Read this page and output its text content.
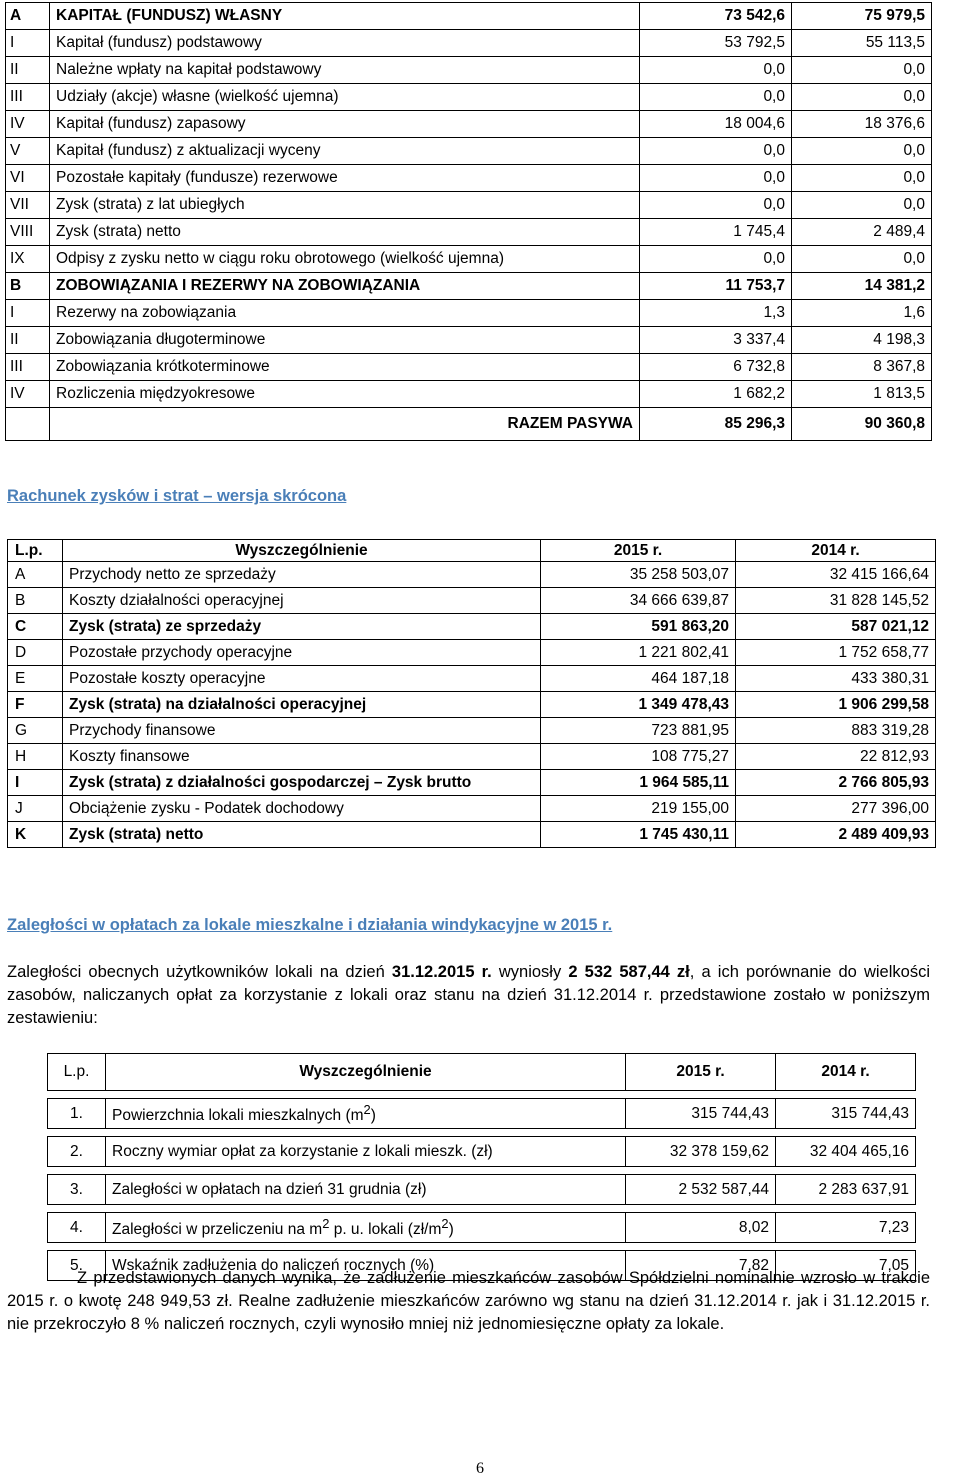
A	KAPITAŁ (FUNDUSZ) WŁASNY	73 542,6	75 979,5
I	Kapitał (fundusz) podstawowy	53 792,5	55 113,5
II	Należne wpłaty na kapitał podstawowy	0,0	0,0
III	Udziały (akcje) własne (wielkość ujemna)	0,0	0,0
IV	Kapitał (fundusz) zapasowy	18 004,6	18 376,6
V	Kapitał (fundusz) z aktualizacji wyceny	0,0	0,0
VI	Pozostałe kapitały (fundusze) rezerwowe	0,0	0,0
VII	Zysk (strata) z lat ubiegłych	0,0	0,0
VIII	Zysk (strata) netto	1 745,4	2 489,4
IX	Odpisy z zysku netto w ciągu roku obrotowego (wielkość ujemna)	0,0	0,0
B	ZOBOWIĄZANIA I REZERWY NA ZOBOWIĄZANIA	11 753,7	14 381,2
I	Rezerwy na zobowiązania	1,3	1,6
II	Zobowiązania długoterminowe	3 337,4	4 198,3
III	Zobowiązania krótkoterminowe	6 732,8	8 367,8
IV	Rozliczenia międzyokresowe	1 682,2	1 813,5
	RAZEM PASYWA	85 296,3	90 360,8

Rachunek zysków i strat – wersja skrócona

L.p.	Wyszczególnienie	2015 r.	2014 r.
A	Przychody netto ze sprzedaży	35 258 503,07	32 415 166,64
B	Koszty działalności operacyjnej	34 666 639,87	31 828 145,52
C	Zysk (strata) ze sprzedaży	591 863,20	587 021,12
D	Pozostałe przychody operacyjne	1 221 802,41	1 752 658,77
E	Pozostałe koszty operacyjne	464 187,18	433 380,31
F	Zysk (strata) na działalności operacyjnej	1 349 478,43	1 906 299,58
G	Przychody finansowe	723 881,95	883 319,28
H	Koszty finansowe	108 775,27	22 812,93
I	Zysk (strata) z działalności gospodarczej – Zysk brutto	1 964 585,11	2 766 805,93
J	Obciążenie zysku - Podatek dochodowy	219 155,00	277 396,00
K	Zysk (strata) netto	1 745 430,11	2 489 409,93

Zaległości w opłatach za lokale mieszkalne i działania windykacyjne w 2015 r.

Zaległości obecnych użytkowników lokali na dzień 31.12.2015 r. wyniosły 2 532 587,44 zł, a ich porównanie do wielkości zasobów, naliczanych opłat za korzystanie z lokali oraz stanu na dzień 31.12.2014 r. przedstawione zostało w poniższym zestawieniu:

L.p.	Wyszczególnienie	2015 r.	2014 r.

1.	Powierzchnia lokali mieszkalnych $(m^2)$	315 744,43	315 744,43

2.	Roczny wymiar opłat za korzystanie z lokali mieszk. (zł)	32 378 159,62	32 404 465,16

3.	Zaległości w opłatach na dzień 31 grudnia (zł)	2 532 587,44	2 283 637,91

4.	Zaległości w przeliczeniu na $m^2$ p. u. lokali $(zł/m^2)$	8,02	7,23

5.	Wskaźnik zadłużenia do naliczeń rocznych (%)	7,82	7,05

Z przedstawionych danych wynika, że zadłużenie mieszkańców zasobów Spółdzielni nominalnie wzrosło w trakcie 2015 r. o kwotę 248 949,53 zł. Realne zadłużenie mieszkańców zarówno wg stanu na dzień 31.12.2014 r. jak i 31.12.2015 r. nie przekroczyło 8 % naliczeń rocznych, czyli wynosiło mniej niż jednomiesięczne opłaty za lokale.

6
